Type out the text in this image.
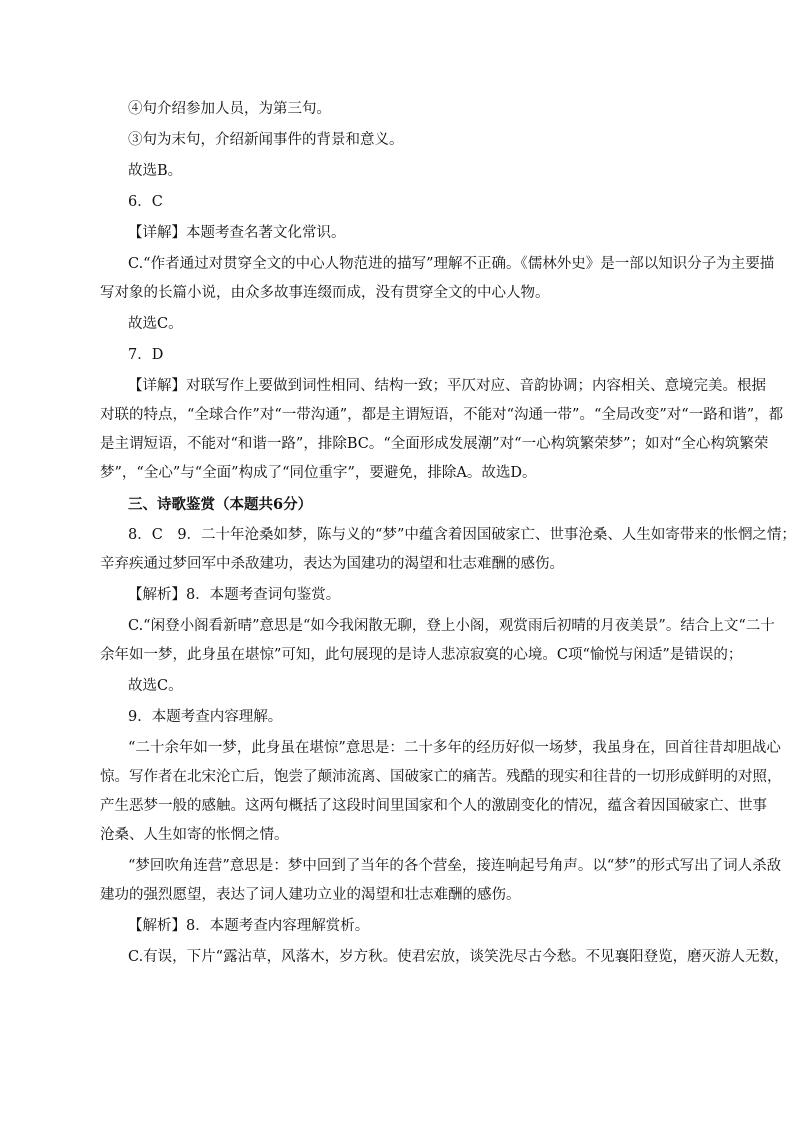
④句介绍参加人员，为第三句。
③句为末句，介绍新闻事件的背景和意义。
故选B。
6．C
【详解】本题考查名著文化常识。
C.“作者通过对贯穿全文的中心人物范进的描写”理解不正确。《儒林外史》是一部以知识分子为主要描
写对象的长篇小说，由众多故事连缀而成，没有贯穿全文的中心人物。
故选C。
7．D
【详解】对联写作上要做到词性相同、结构一致；平仄对应、音韵协调；内容相关、意境完美。根据
对联的特点，“全球合作”对“一带沟通”，都是主谓短语，不能对“沟通一带”。“全局改变”对“一路和谐”，都
是主谓短语，不能对“和谐一路”，排除BC。“全面形成发展潮”对“一心构筑繁荣梦”；如对“全心构筑繁荣
梦”，“全心”与“全面”构成了“同位重字”，要避免，排除A。故选D。
三、诗歌鉴赏（本题共6分）
8．C　9．二十年沧桑如梦，陈与义的“梦”中蕴含着因国破家亡、世事沧桑、人生如寄带来的怅惘之情；
辛弃疾通过梦回军中杀敌建功，表达为国建功的渴望和壮志难酬的感伤。
【解析】8．本题考查词句鉴赏。
C.“闲登小阁看新晴”意思是“如今我闲散无聊，登上小阁，观赏雨后初晴的月夜美景”。结合上文“二十
余年如一梦，此身虽在堪惊”可知，此句展现的是诗人悲凉寂寞的心境。C项“愉悦与闲适”是错误的；
故选C。
9．本题考查内容理解。
“二十余年如一梦，此身虽在堪惊”意思是：二十多年的经历好似一场梦，我虽身在，回首往昔却胆战心
惊。写作者在北宋沦亡后，饱尝了颠沛流离、国破家亡的痛苦。残酷的现实和往昔的一切形成鲜明的对照，
产生恶梦一般的感触。这两句概括了这段时间里国家和个人的激剧变化的情况，蕴含着因国破家亡、世事
沧桑、人生如寄的怅惘之情。
“梦回吹角连营”意思是：梦中回到了当年的各个营垒，接连响起号角声。以“梦”的形式写出了词人杀敌
建功的强烈愿望，表达了词人建功立业的渴望和壮志难酬的感伤。
【解析】8．本题考查内容理解赏析。
C.有误，下片“露沾草，风落木，岁方秋。使君宏放，谈笑洗尽古今愁。不见襄阳登览，磨灭游人无数，
